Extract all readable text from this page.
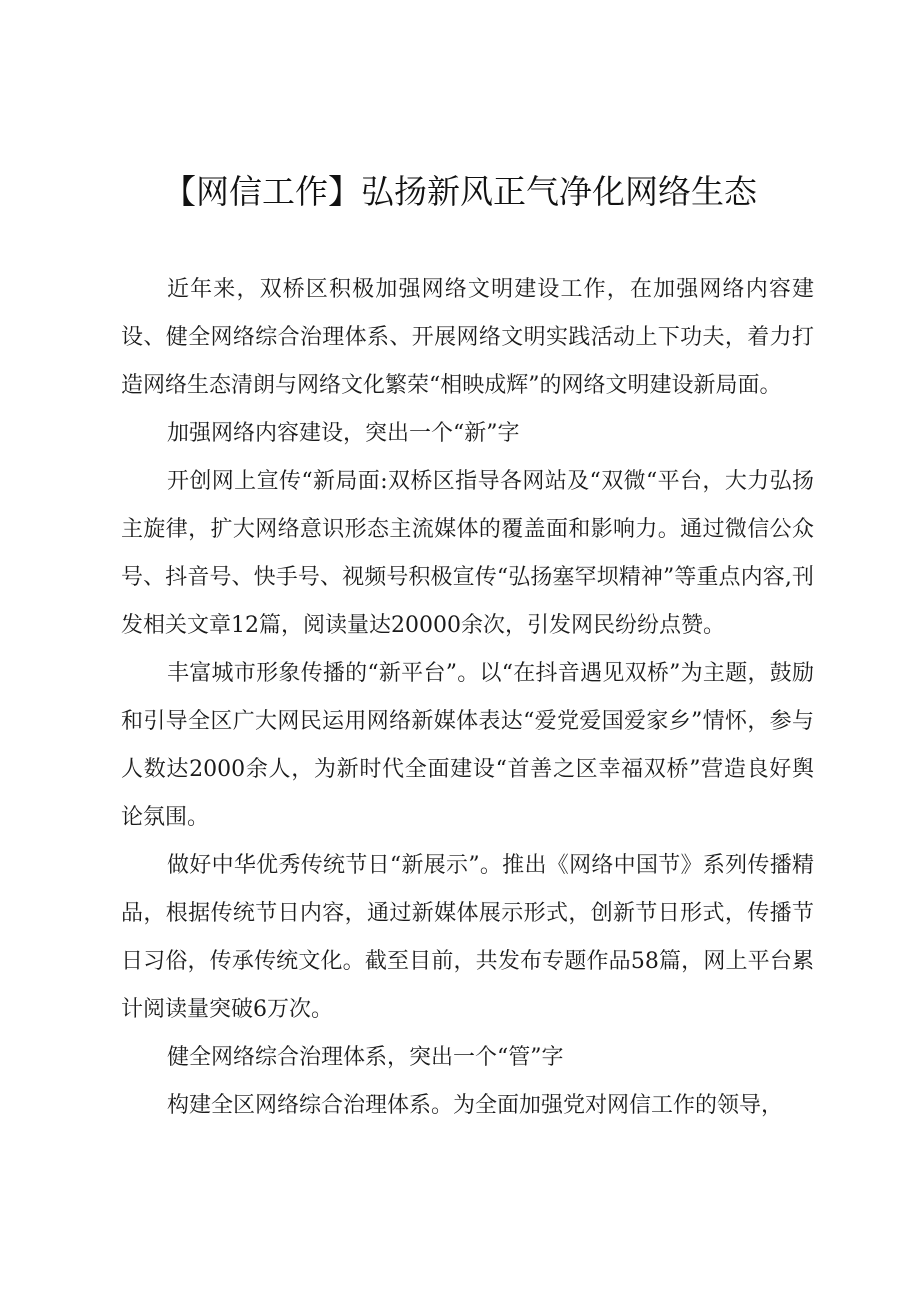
【网信工作】弘扬新风正气净化网络生态

近年来，双桥区积极加强网络文明建设工作，在加强网络内容建设、健全网络综合治理体系、开展网络文明实践活动上下功夫，着力打造网络生态清朗与网络文化繁荣“相映成辉”的网络文明建设新局面。

加强网络内容建设，突出一个“新”字

开创网上宣传“新局面:双桥区指导各网站及“双微“平台，大力弘扬主旋律，扩大网络意识形态主流媒体的覆盖面和影响力。通过微信公众号、抖音号、快手号、视频号积极宣传“弘扬塞罕坝精神”等重点内容,刊发相关文章12篇，阅读量达20000余次，引发网民纷纷点赞。

丰富城市形象传播的“新平台”。以“在抖音遇见双桥”为主题，鼓励和引导全区广大网民运用网络新媒体表达“爱党爱国爱家乡”情怀，参与人数达2000余人，为新时代全面建设“首善之区幸福双桥”营造良好舆论氛围。

做好中华优秀传统节日“新展示”。推出《网络中国节》系列传播精品，根据传统节日内容，通过新媒体展示形式，创新节日形式，传播节日习俗，传承传统文化。截至目前，共发布专题作品58篇，网上平台累计阅读量突破6万次。

健全网络综合治理体系，突出一个“管”字

构建全区网络综合治理体系。为全面加强党对网信工作的领导，
